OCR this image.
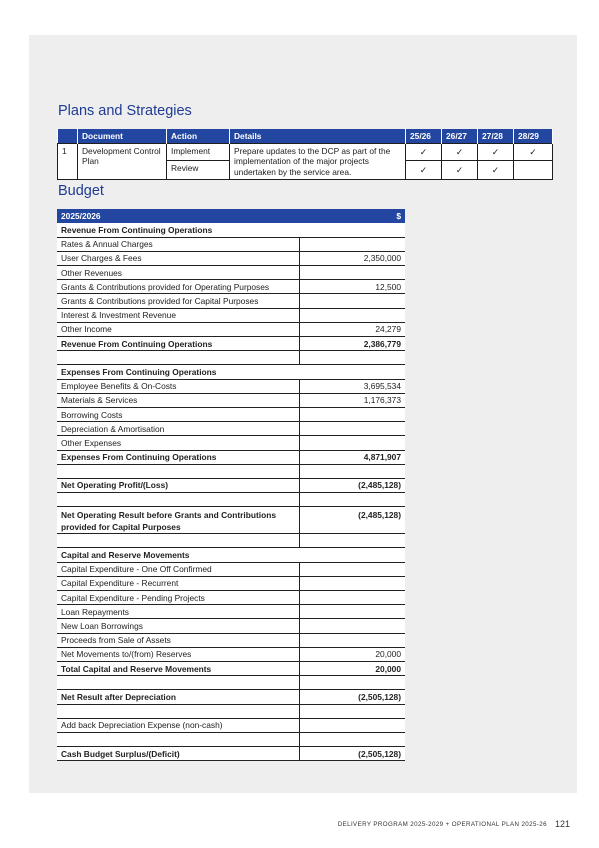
Plans and Strategies
	Document	Action	Details	25/26	26/27	27/28	28/29
1	Development Control Plan	Implement	Prepare updates to the DCP as part of the implementation of the major projects undertaken by the service area.	✓	✓	✓	✓
		Review		✓	✓	✓	
Budget
2025/2026	$
Revenue From Continuing Operations	
Rates & Annual Charges	
User Charges & Fees	2,350,000
Other Revenues	
Grants & Contributions provided for Operating Purposes	12,500
Grants & Contributions provided for Capital Purposes	
Interest & Investment Revenue	
Other Income	24,279
Revenue From Continuing Operations	2,386,779

Expenses From Continuing Operations	
Employee Benefits & On-Costs	3,695,534
Materials & Services	1,176,373
Borrowing Costs	
Depreciation & Amortisation	
Other Expenses	
Expenses From Continuing Operations	4,871,907

Net Operating Profit/(Loss)	(2,485,128)

Net Operating Result before Grants and Contributions provided for Capital Purposes	(2,485,128)

Capital and Reserve Movements	
Capital Expenditure - One Off Confirmed	
Capital Expenditure - Recurrent	
Capital Expenditure - Pending Projects	
Loan Repayments	
New Loan Borrowings	
Proceeds from Sale of Assets	
Net Movements to/(from) Reserves	20,000
Total Capital and Reserve Movements	20,000

Net Result after Depreciation	(2,505,128)

Add back Depreciation Expense (non-cash)	

Cash Budget Surplus/(Deficit)	(2,505,128)
DELIVERY PROGRAM 2025-2029 + OPERATIONAL PLAN 2025-26 121
